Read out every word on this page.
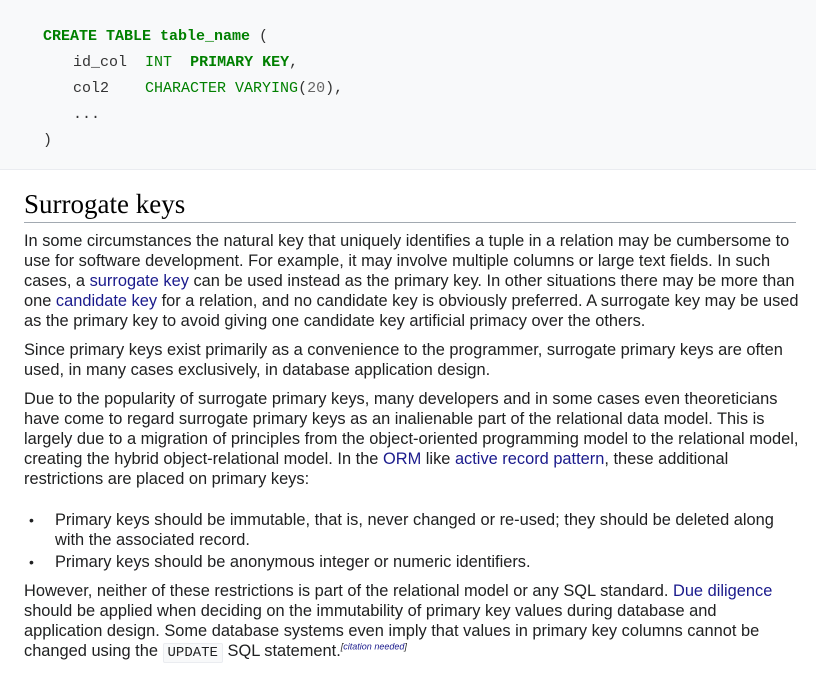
CREATE TABLE table_name (
id_col INT PRIMARY KEY,
col2 CHARACTER VARYING(20),
...
)
Surrogate keys

In some circumstances the natural key that uniquely identifies a tuple in a relation may be cumbersome to use for software development. For example, it may involve multiple columns or large text fields. In such cases, a surrogate key can be used instead as the primary key. In other situations there may be more than one candidate key for a relation, and no candidate key is obviously preferred. A surrogate key may be used as the primary key to avoid giving one candidate key artificial primacy over the others.

Since primary keys exist primarily as a convenience to the programmer, surrogate primary keys are often used, in many cases exclusively, in database application design.

Due to the popularity of surrogate primary keys, many developers and in some cases even theoreticians have come to regard surrogate primary keys as an inalienable part of the relational data model. This is largely due to a migration of principles from the object-oriented programming model to the relational model, creating the hybrid object-relational model. In the ORM like active record pattern, these additional restrictions are placed on primary keys:

• Primary keys should be immutable, that is, never changed or re-used; they should be deleted along with the associated record.
• Primary keys should be anonymous integer or numeric identifiers.

However, neither of these restrictions is part of the relational model or any SQL standard. Due diligence should be applied when deciding on the immutability of primary key values during database and application design. Some database systems even imply that values in primary key columns cannot be changed using the UPDATE SQL statement.[citation needed]
